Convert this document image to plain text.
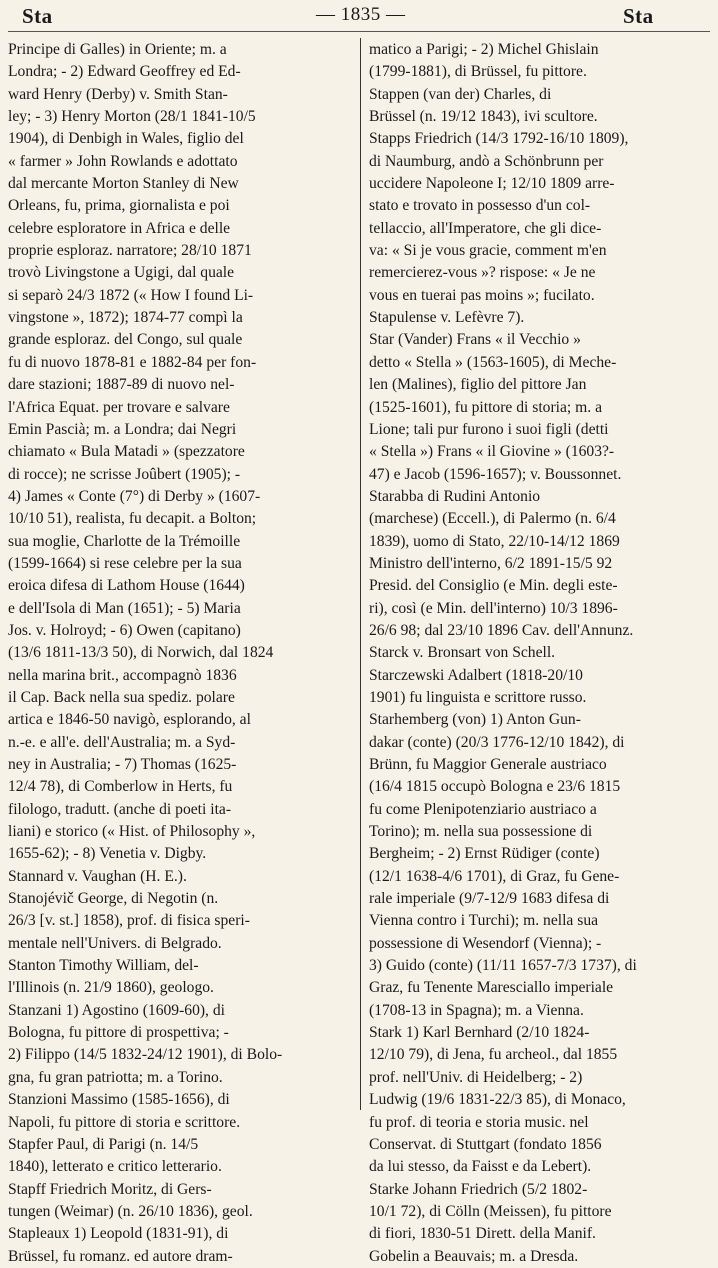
Sta	— 1835 —	Sta
Principe di Galles) in Oriente; m. a
Londra; - 2) Edward Geoffrey ed Ed-
ward Henry (Derby) v. Smith Stan-
ley; - 3) Henry Morton (28/1 1841-10/5
1904), di Denbigh in Wales, figlio del
« farmer » John Rowlands e adottato
dal mercante Morton Stanley di New
Orleans, fu, prima, giornalista e poi
celebre esploratore in Africa e delle
proprie esploraz. narratore; 28/10 1871
trovò Livingstone a Ugigi, dal quale
si separò 24/3 1872 (« How I found Li-
vingstone », 1872); 1874-77 compì la
grande esploraz. del Congo, sul quale
fu di nuovo 1878-81 e 1882-84 per fon-
dare stazioni; 1887-89 di nuovo nel-
l'Africa Equat. per trovare e salvare
Emin Pascià; m. a Londra; dai Negri
chiamato « Bula Matadi » (spezzatore
di rocce); ne scrisse Joûbert (1905); -
4) James « Conte (7°) di Derby » (1607-
10/10 51), realista, fu decapit. a Bolton;
sua moglie, Charlotte de la Trémoille
(1599-1664) si rese celebre per la sua
eroica difesa di Lathom House (1644)
e dell'Isola di Man (1651); - 5) Maria
Jos. v. Holroyd; - 6) Owen (capitano)
(13/6 1811-13/3 50), di Norwich, dal 1824
nella marina brit., accompagnò 1836
il Cap. Back nella sua spediz. polare
artica e 1846-50 navigò, esplorando, al
n.-e. e all'e. dell'Australia; m. a Syd-
ney in Australia; - 7) Thomas (1625-
12/4 78), di Comberlow in Herts, fu
filologo, tradutt. (anche di poeti ita-
liani) e storico (« Hist. of Philosophy »,
1655-62); - 8) Venetia v. Digby.
Stannard v. Vaughan (H. E.).
Stanojévič George, di Negotin (n.
26/3 [v. st.] 1858), prof. di fisica speri-
mentale nell'Univers. di Belgrado.
Stanton Timothy William, del-
l'Illinois (n. 21/9 1860), geologo.
Stanzani 1) Agostino (1609-60), di
Bologna, fu pittore di prospettiva; -
2) Filippo (14/5 1832-24/12 1901), di Bolo-
gna, fu gran patriotta; m. a Torino.
Stanzioni Massimo (1585-1656), di
Napoli, fu pittore di storia e scrittore.
Stapfer Paul, di Parigi (n. 14/5
1840), letterato e critico letterario.
Stapff Friedrich Moritz, di Gers-
tungen (Weimar) (n. 26/10 1836), geol.
Stapleaux 1) Leopold (1831-91), di
Brüssel, fu romanz. ed autore dram-
matico a Parigi; - 2) Michel Ghislain
(1799-1881), di Brüssel, fu pittore.
Stappen (van der) Charles, di
Brüssel (n. 19/12 1843), ivi scultore.
Stapps Friedrich (14/3 1792-16/10 1809),
di Naumburg, andò a Schönbrunn per
uccidere Napoleone I; 12/10 1809 arre-
stato e trovato in possesso d'un col-
tellaccio, all'Imperatore, che gli dice-
va: « Si je vous gracie, comment m'en
remercierez-vous »? rispose: « Je ne
vous en tuerai pas moins »; fucilato.
Stapulense v. Lefèvre 7).
Star (Vander) Frans « il Vecchio »
detto « Stella » (1563-1605), di Meche-
len (Malines), figlio del pittore Jan
(1525-1601), fu pittore di storia; m. a
Lione; tali pur furono i suoi figli (detti
« Stella ») Frans « il Giovine » (1603?-
47) e Jacob (1596-1657); v. Boussonnet.
Starabba di Rudini Antonio
(marchese) (Eccell.), di Palermo (n. 6/4
1839), uomo di Stato, 22/10-14/12 1869
Ministro dell'interno, 6/2 1891-15/5 92
Presid. del Consiglio (e Min. degli este-
ri), così (e Min. dell'interno) 10/3 1896-
26/6 98; dal 23/10 1896 Cav. dell'Annunz.
Starck v. Bronsart von Schell.
Starczewski Adalbert (1818-20/10
1901) fu linguista e scrittore russo.
Starhemberg (von) 1) Anton Gun-
dakar (conte) (20/3 1776-12/10 1842), di
Brünn, fu Maggior Generale austriaco
(16/4 1815 occupò Bologna e 23/6 1815
fu come Plenipotenziario austriaco a
Torino); m. nella sua possessione di
Bergheim; - 2) Ernst Rüdiger (conte)
(12/1 1638-4/6 1701), di Graz, fu Gene-
rale imperiale (9/7-12/9 1683 difesa di
Vienna contro i Turchi); m. nella sua
possessione di Wesendorf (Vienna); -
3) Guido (conte) (11/11 1657-7/3 1737), di
Graz, fu Tenente Maresciallo imperiale
(1708-13 in Spagna); m. a Vienna.
Stark 1) Karl Bernhard (2/10 1824-
12/10 79), di Jena, fu archeol., dal 1855
prof. nell'Univ. di Heidelberg; - 2)
Ludwig (19/6 1831-22/3 85), di Monaco,
fu prof. di teoria e storia music. nel
Conservat. di Stuttgart (fondato 1856
da lui stesso, da Faisst e da Lebert).
Starke Johann Friedrich (5/2 1802-
10/1 72), di Cölln (Meissen), fu pittore
di fiori, 1830-51 Dirett. della Manif.
Gobelin a Beauvais; m. a Dresda.
